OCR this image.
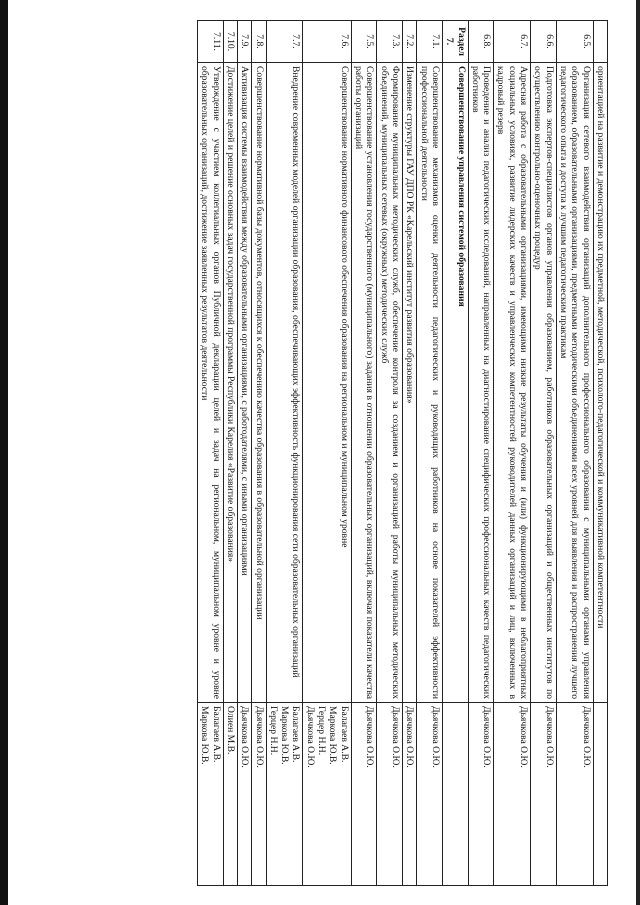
	ориентацией на развитие и демонстрацию их предметной, методической, психолого-педагогической и коммуникативной компетентности	
6.5.	Организация сетевого взаимодействия организаций дополнительного профессионального образования с муниципальными органами управления образованием, образовательными организациями, предметными методическими объединениями всех уровней для выявления и распространения лучшего педагогического опыта и доступа к лучшим педагогическим практикам	Дьячкова О.Ю.
6.6.	Подготовка экспертов-специалистов органов управления образованием, работников образовательных организаций и общественных институтов по осуществлению контрольно-оценочных процедур	Дьячкова О.Ю.
6.7.	Адресная работа с образовательными организациями, имеющими низкие результаты обучения и (или) функционирующими в неблагоприятных социальных условиях, развитие лидерских качеств и управленческих компетентностей руководителей данных организаций и лиц, включенных в кадровый резерв	Дьячкова О.Ю.
6.8.	Проведение и анализ педагогических исследований, направленных на диагностирование специфических профессиональных качеств педагогических работников	Дьячкова О.Ю.
Раздел 7.	Совершенствование управления системой образования	
7.1.	Совершенствование механизмов оценки деятельности педагогических и руководящих работников на основе показателей эффективности профессиональной деятельности	Дьячкова О.Ю.
7.2.	Изменение структуры ГАУ ДПО РК «Карельский институт развития образования»	Дьячкова О.Ю.
7.3.	Формирование муниципальных методических служб, обеспечение контроля за созданием и организацией работы муниципальных методических объединений, муниципальных сетевых (окружных) методических служб	Дьячкова О.Ю.
7.5.	Совершенствование установления государственного (муниципального) задания в отношении образовательных организаций, включая показатели качества работы организаций	Дьячкова О.Ю.
7.6.	Совершенствование нормативного финансового обеспечения образования на региональном и муниципальном уровне	Балагаев А.В.
Маркова Ю.В.
Герцер Н.Н.
Дьячкова О.Ю.
7.7.	Внедрение современных моделей организации образования, обеспечивающих эффективность функционирования сети образовательных организаций	Балагаев А.В.
Маркова Ю.В.
Герцер Н.Н.
7.8.	Совершенствование нормативной базы документов, относящихся к обеспечению качества образования в образовательной организации	Дьячкова О.Ю.
7.9.	Активизация системы взаимодействия между образовательными организациями, с работодателями, с иными организациями	Дьячкова О.Ю.
7.10.	Достижение целей и решение основных задач государственной программы Республики Карелия «Развитие образования»	Олиен М.В.
7.11.	Утверждение с участием коллегиальных органов Публичной декларации целей и задач на региональном, муниципальном уровне и уровне образовательных организаций, достижение заявленных результатов деятельности	Балагаев А.В.
Маркова Ю.В.
